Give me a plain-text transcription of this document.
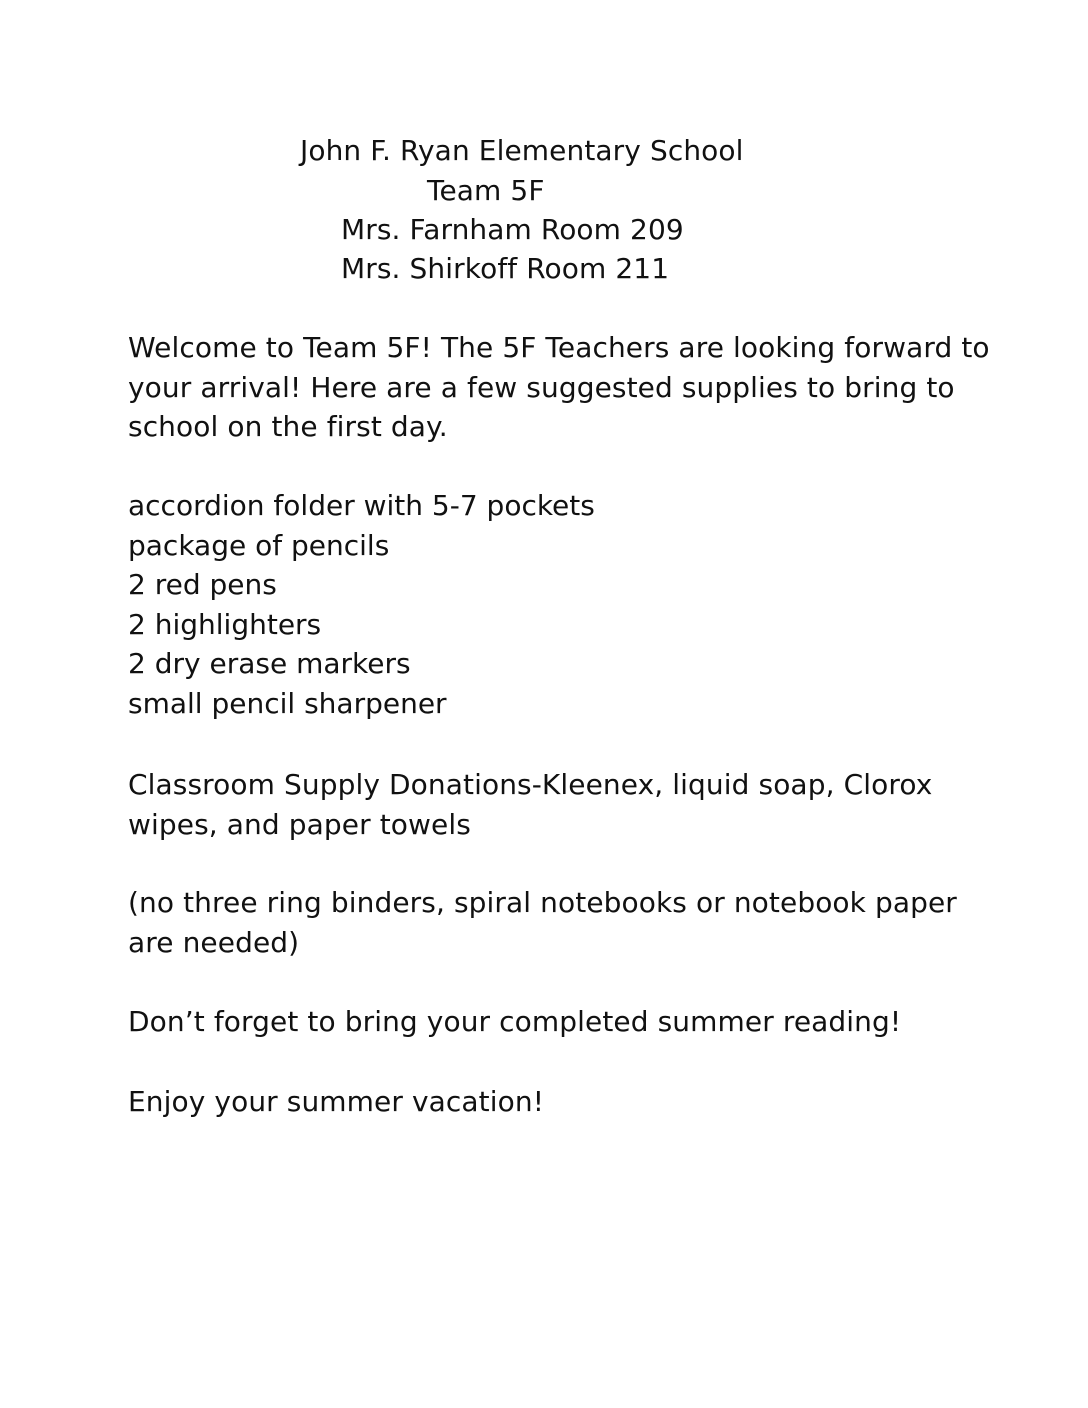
John F. Ryan Elementary School
Team 5F
Mrs. Farnham Room 209
Mrs. Shirkoff Room 211

Welcome to Team 5F! The 5F Teachers are looking forward to your arrival! Here are a few suggested supplies to bring to school on the first day.

accordion folder with 5-7 pockets
package of pencils
2 red pens
2 highlighters
2 dry erase markers
small pencil sharpener

Classroom Supply Donations-Kleenex, liquid soap, Clorox wipes, and paper towels

(no three ring binders, spiral notebooks or notebook paper are needed)

Don’t forget to bring your completed summer reading!

Enjoy your summer vacation!
